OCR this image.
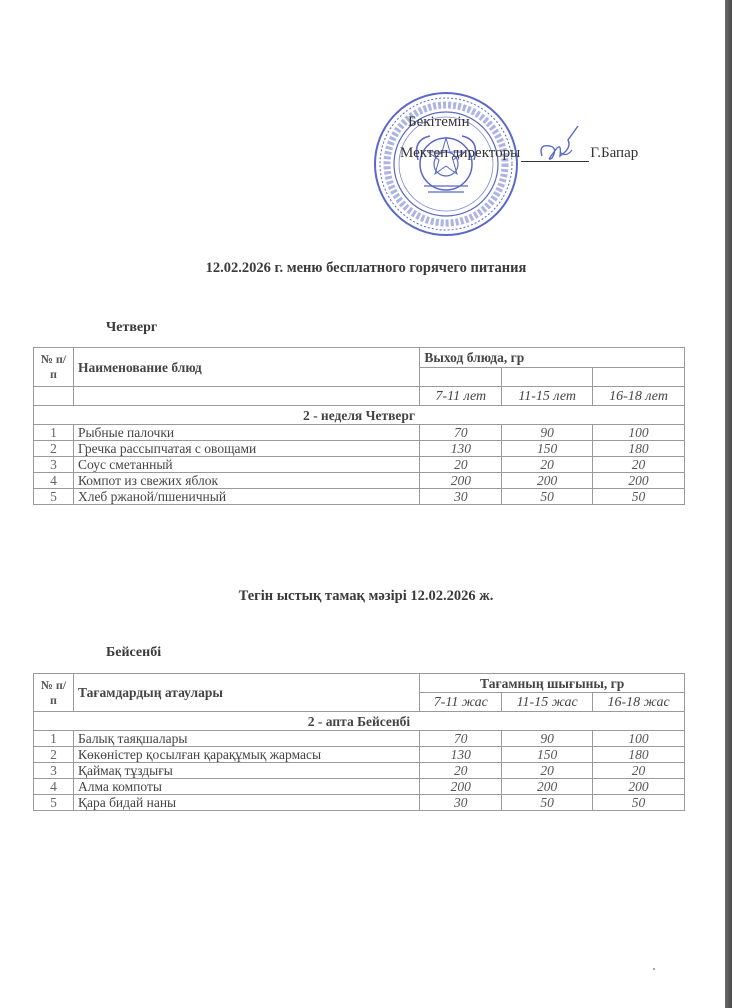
Бекітемін
Мектеп директоры	Г.Бапар
12.02.2026 г. меню бесплатного горячего питания
Четверг
№ п/п	Наименование блюд	Выход блюда, гр		

		7-11 лет	11-15 лет	16-18 лет
2 - неделя Четверг				
1	Рыбные палочки	70	90	100
2	Гречка рассыпчатая с овощами	130	150	180
3	Соус сметанный	20	20	20
4	Компот из свежих яблок	200	200	200
5	Хлеб ржаной/пшеничный	30	50	50
Тегін ыстық тамақ мәзірі 12.02.2026 ж.
Бейсенбі
№ п/п	Тағамдардың атаулары	Тағамның шығыны, гр		
		7-11 жас	11-15 жас	16-18 жас
2 - апта Бейсенбі				
1	Балық таяқшалары	70	90	100
2	Көкөністер қосылған қарақұмық жармасы	130	150	180
3	Қаймақ тұздығы	20	20	20
4	Алма компоты	200	200	200
5	Қара бидай наны	30	50	50
